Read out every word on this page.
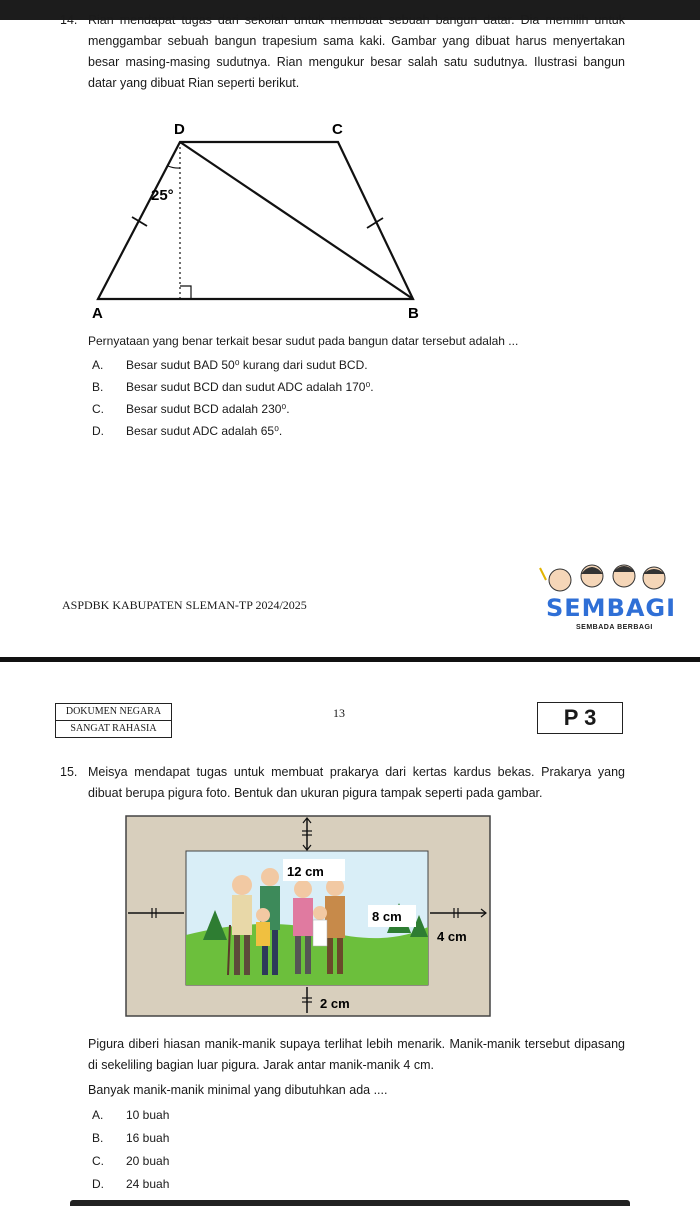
14. Rian mendapat tugas dari sekolah untuk membuat sebuah bangun datar. Dia memilih untuk menggambar sebuah bangun trapesium sama kaki. Gambar yang dibuat harus menyertakan besar masing-masing sudutnya. Rian mengukur besar salah satu sudutnya. Ilustrasi bangun datar yang dibuat Rian seperti berikut.
D	C
A	B
25°
Pernyataan yang benar terkait besar sudut pada bangun datar tersebut adalah ...
A. Besar sudut BAD 50⁰ kurang dari sudut BCD.
B. Besar sudut BCD dan sudut ADC adalah 170⁰.
C. Besar sudut BCD adalah 230⁰.
D. Besar sudut ADC adalah 65⁰.
ASPDBK KABUPATEN SLEMAN-TP 2024/2025	SEMBAGI
SEMBADA BERBAGI
DOKUMEN NEGARA
SANGAT RAHASIA
13	P 3
15. Meisya mendapat tugas untuk membuat prakarya dari kertas kardus bekas. Prakarya yang dibuat berupa pigura foto. Bentuk dan ukuran pigura tampak seperti pada gambar.
12 cm
8 cm
4 cm
2 cm
Pigura diberi hiasan manik-manik supaya terlihat lebih menarik. Manik-manik tersebut dipasang di sekeliling bagian luar pigura. Jarak antar manik-manik 4 cm.
Banyak manik-manik minimal yang dibutuhkan ada ....
A. 10 buah
B. 16 buah
C. 20 buah
D. 24 buah
